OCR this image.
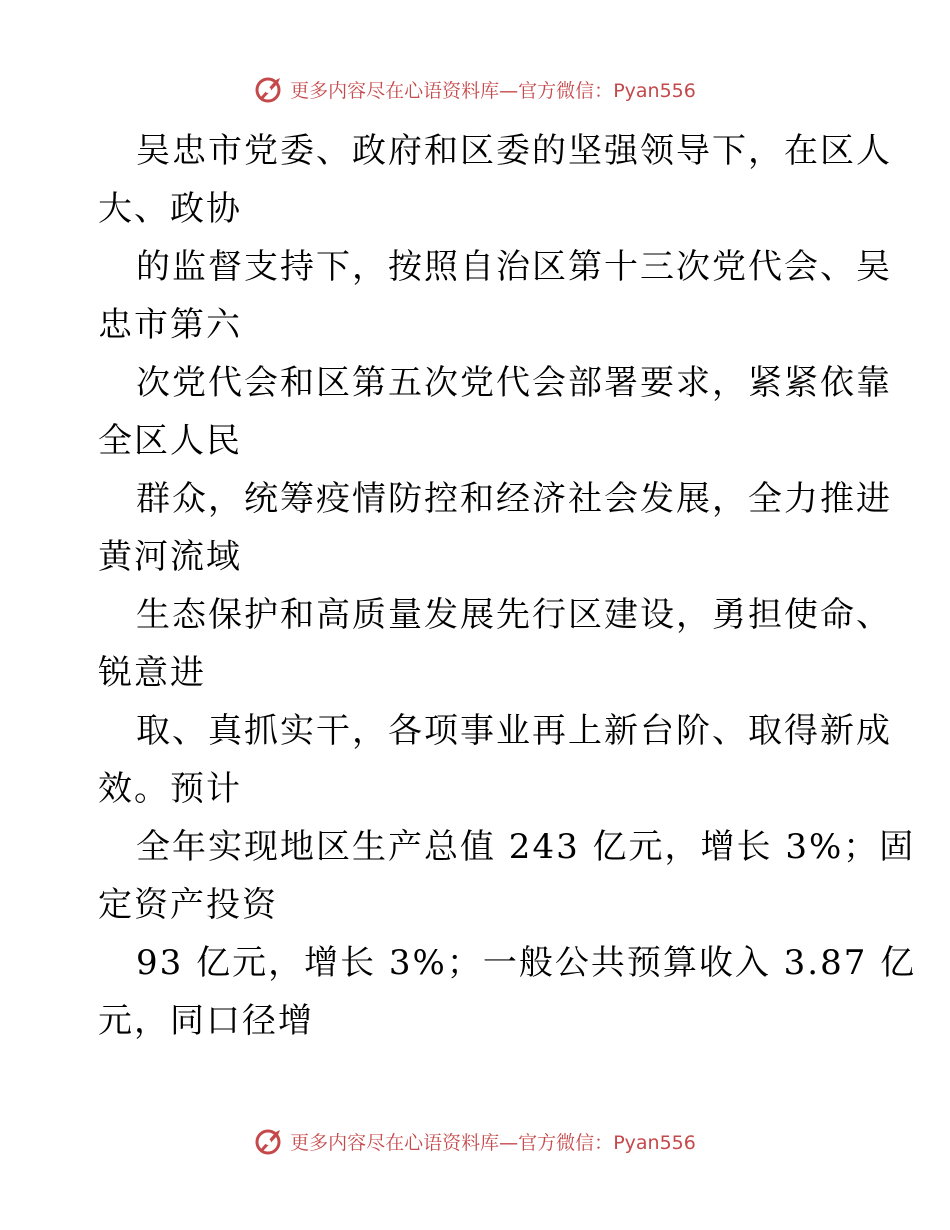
更多内容尽在心语资料库—官方微信：Pyan556
吴忠市党委、政府和区委的坚强领导下，在区人
大、政协
的监督支持下，按照自治区第十三次党代会、吴
忠市第六
次党代会和区第五次党代会部署要求，紧紧依靠
全区人民
群众，统筹疫情防控和经济社会发展，全力推进
黄河流域
生态保护和高质量发展先行区建设，勇担使命、
锐意进
取、真抓实干，各项事业再上新台阶、取得新成
效。预计
全年实现地区生产总值 243 亿元，增长 3%；固
定资产投资
93 亿元，增长 3%；一般公共预算收入 3.87 亿
元，同口径增
更多内容尽在心语资料库—官方微信：Pyan556
